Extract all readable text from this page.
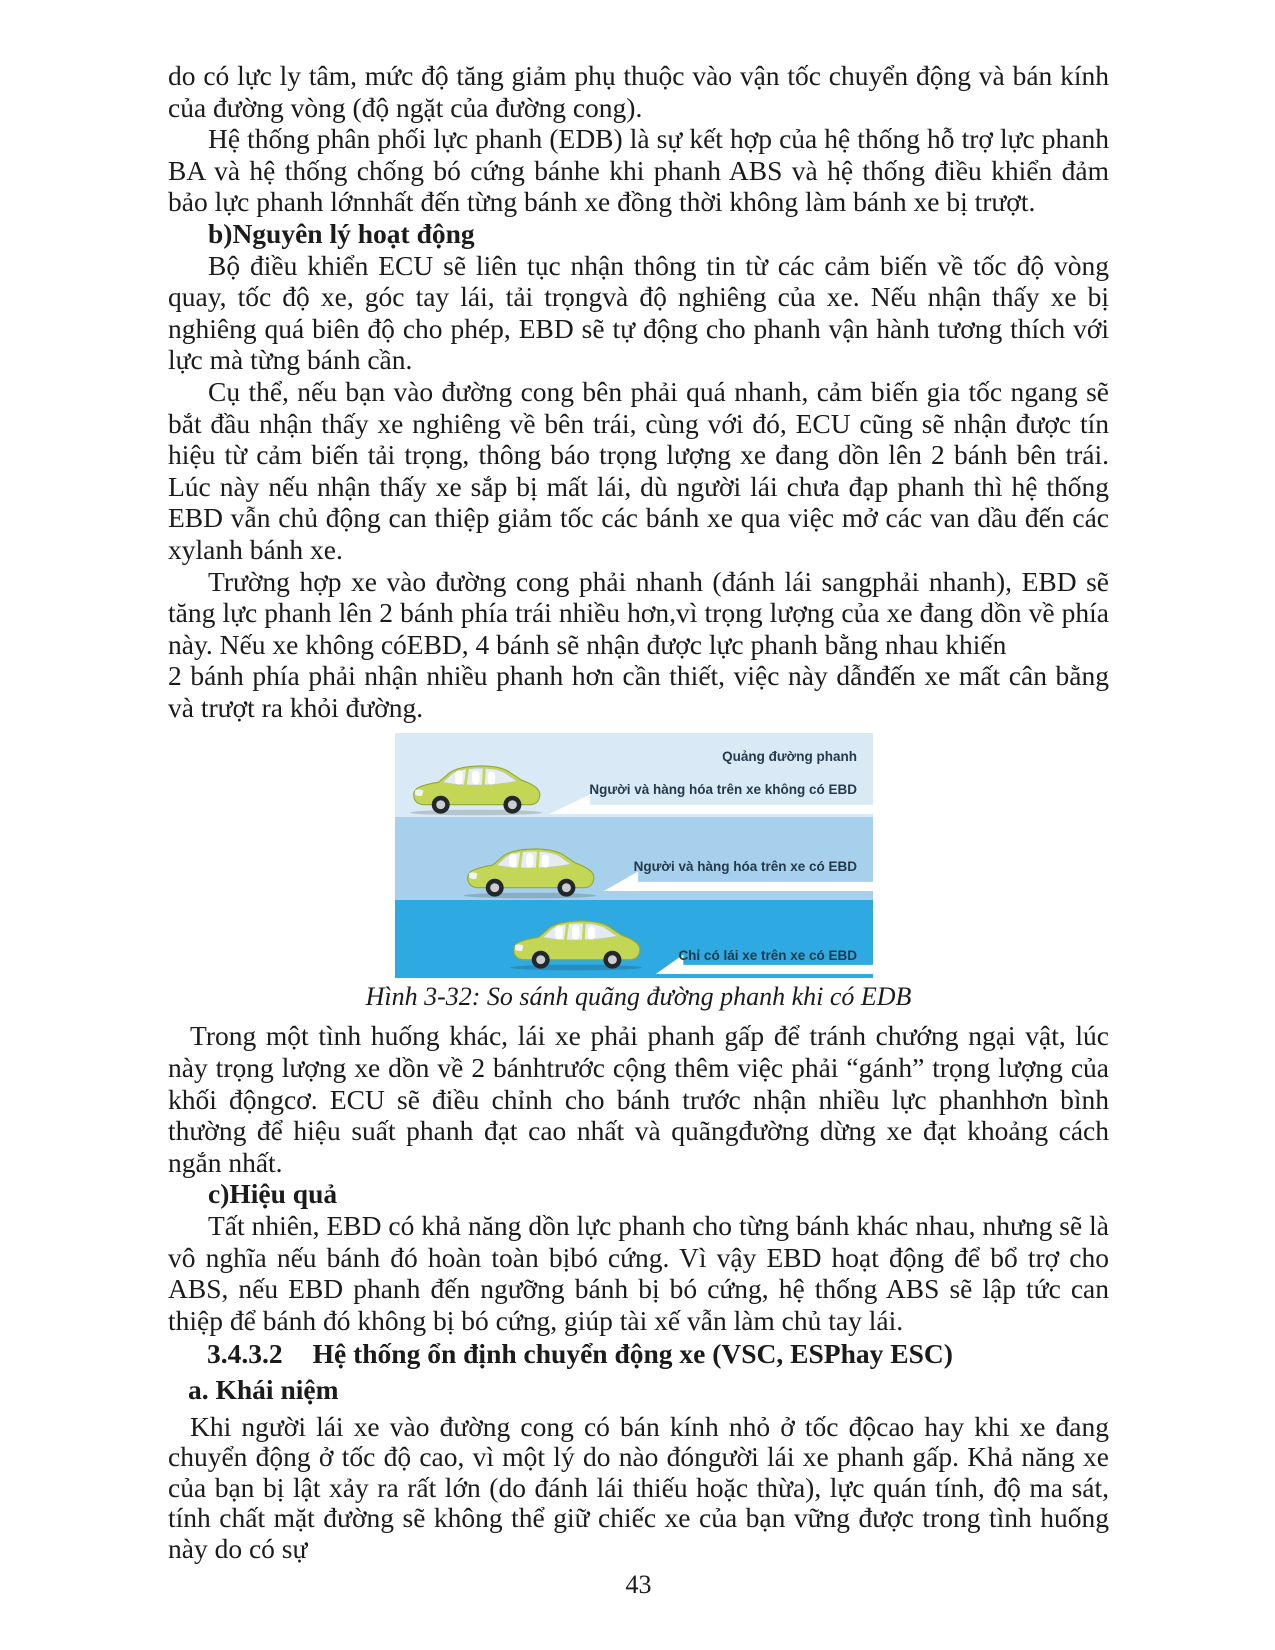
do có lực ly tâm, mức độ tăng giảm phụ thuộc vào vận tốc chuyển động và bán kính của đường vòng (độ ngặt của đường cong).

Hệ thống phân phối lực phanh (EDB) là sự kết hợp của hệ thống hỗ trợ lực phanh BA và hệ thống chống bó cứng bánhe khi phanh ABS và hệ thống điều khiển đảm bảo lực phanh lớnnhất đến từng bánh xe đồng thời không làm bánh xe bị trượt.

b)Nguyên lý hoạt động

Bộ điều khiển ECU sẽ liên tục nhận thông tin từ các cảm biến về tốc độ vòng quay, tốc độ xe, góc tay lái, tải trọngvà độ nghiêng của xe. Nếu nhận thấy xe bị nghiêng quá biên độ cho phép, EBD sẽ tự động cho phanh vận hành tương thích với lực mà từng bánh cần.

Cụ thể, nếu bạn vào đường cong bên phải quá nhanh, cảm biến gia tốc ngang sẽ bắt đầu nhận thấy xe nghiêng về bên trái, cùng với đó, ECU cũng sẽ nhận được tín hiệu từ cảm biến tải trọng, thông báo trọng lượng xe đang dồn lên 2 bánh bên trái. Lúc này nếu nhận thấy xe sắp bị mất lái, dù người lái chưa đạp phanh thì hệ thống EBD vẫn chủ động can thiệp giảm tốc các bánh xe qua việc mở các van dầu đến các xylanh bánh xe.

Trường hợp xe vào đường cong phải nhanh (đánh lái sangphải nhanh), EBD sẽ tăng lực phanh lên 2 bánh phía trái nhiều hơn,vì trọng lượng của xe đang dồn về phía này. Nếu xe không cóEBD, 4 bánh sẽ nhận được lực phanh bằng nhau khiến

2 bánh phía phải nhận nhiều phanh hơn cần thiết, việc này dẫnđến xe mất cân bằng và trượt ra khỏi đường.

Quảng đường phanh
Người và hàng hóa trên xe không có EBD
Người và hàng hóa trên xe có EBD
Chỉ có lái xe trên xe có EBD
Hình 3-32: So sánh quãng đường phanh khi có EDB

Trong một tình huống khác, lái xe phải phanh gấp để tránh chướng ngại vật, lúc này trọng lượng xe dồn về 2 bánhtrước cộng thêm việc phải “gánh” trọng lượng của khối độngcơ. ECU sẽ điều chỉnh cho bánh trước nhận nhiều lực phanhhơn bình thường để hiệu suất phanh đạt cao nhất và quãngđường dừng xe đạt khoảng cách ngắn nhất.

c)Hiệu quả

Tất nhiên, EBD có khả năng dồn lực phanh cho từng bánh khác nhau, nhưng sẽ là vô nghĩa nếu bánh đó hoàn toàn bịbó cứng. Vì vậy EBD hoạt động để bổ trợ cho ABS, nếu EBD phanh đến ngưỡng bánh bị bó cứng, hệ thống ABS sẽ lập tức can thiệp để bánh đó không bị bó cứng, giúp tài xế vẫn làm chủ tay lái.

3.4.3.2 Hệ thống ổn định chuyển động xe (VSC, ESPhay ESC)
a. Khái niệm

Khi người lái xe vào đường cong có bán kính nhỏ ở tốc độcao hay khi xe đang chuyển động ở tốc độ cao, vì một lý do nào đóngười lái xe phanh gấp. Khả năng xe của bạn bị lật xảy ra rất lớn (do đánh lái thiếu hoặc thừa), lực quán tính, độ ma sát, tính chất mặt đường sẽ không thể giữ chiếc xe của bạn vững được trong tình huống này do có sự

43
